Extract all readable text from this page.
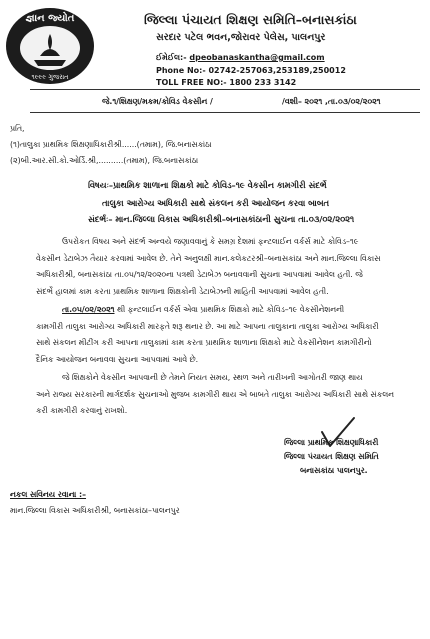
જ્ઞાન જ્યોત
૧૯૯૯ ગુજરાત
જિલ્લા પંચાયત શિક્ષણ સમિતિ–બનાસકાંઠા
સરદાર પટેલ ભવન,જોરાવર પેલેસ, પાલનપુર
ઈમેઈલ:- dpeobanaskantha@gmail.com
Phone No:- 02742-257063,253189,250012
TOLL FREE NO:- 1800 233 3142
જે.૧/શિક્ષણ/મકમ/કોવિડ વેકસીન /	/વશી– ૨૦૨૧ ,તા.૦૩/૦૨/૨૦૨૧
પ્રતિ,
(૧)તાલુકા પ્રાથમિક શિક્ષણાધિકારીશ્રી......(તમામ), જિ.બનાસકાંઠા
(૨)બી.આર.સી.કો.ઓર્ડિ.શ્રી,..........(તમામ), જિ.બનાસકાંઠા
વિષયઃ–પ્રાથમિક શાળાના શિક્ષકો માટે કોવિડ–૧૯ વેકસીન કામગીરી સંદર્ભે
તાલુકા આરોગ્ય અધિકારી સાથે સંકલન કરી આયોજન કરવા બાબત
સંદર્ભઃ– માન.જિલ્લા વિકાસ અધિકારીશ્રી–બનાસકાંઠાની સુચના તા.૦૩/૦૨/૨૦૨૧
ઉપરોકત વિષય અને સંદર્ભ અન્વયે જણાવવાનું કે સમગ્ર દેશમાં ફન્ટલાઈન વર્કર્સ માટે કોવિડ–૧૯
વેકસીન ડેટાબેઝ તૈયાર કરવામાં આવેલ છે. તેને અનુલક્ષી માન.કલેકટરશ્રી–બનાસકાંઠા અને માન.જિલ્લા વિકાસ
અધિકારીશ્રી, બનાસકાંઠા તા.૦૫/૧૨/૨૦૨૦ના પત્રથી ડેટાબેઝ બનાવવાની સુચના આપવામાં આવેલ હતી. જે
સંદર્ભે હાલમાં કામ કરતા પ્રાથમિક શાળાના શિક્ષકોની ડેટાબેઝની માહિતી આપવામાં આવેલ હતી.
તા.૦૫/૦૨/૨૦૨૧ થી ફન્ટલાઈન વર્કર્સ એવા પ્રાથમિક શિક્ષકો માટે કોવિડ–૧૯ વેકસીનેશનની
કામગીરી તાલુકા આરોગ્ય અધિકારી મારફતે શરૂ થનાર છે. આ માટે આપના તાલુકાના તાલુકા આરોગ્ય અધિકારી
સાથે સંકલન મીટીંગ કરી આપના તાલુકામાં કામ કરતા પ્રાથમિક શાળાના શિક્ષકો માટે વેકસીનેશન કામગીરીનો
દૈનિક આયોજન બનાવવા સુચના આપવામાં આવે છે.
જે શિક્ષકોને વેકસીન આપવાની છે તેમને નિયત સમય, સ્થળ અને તારીખની આગોતરી જાણ થાય
અને રાજ્ય સરકારની માર્ગદર્શક સુચનાઓ મુજબ કામગીરી થાય એ બાબતે તાલુકા આરોગ્ય અધિકારી સાથે સંકલન
કરી કામગીરી કરવાનું રાખશો.
જિલ્લા પ્રાથમિક શિક્ષણાધિકારી
જિલ્લા પંચાયત શિક્ષણ સમિતિ
બનાસકાંઠા પાલનપુર.
નકલ સવિનય રવાના :–
માન.જિલ્લા વિકાસ અધિકારીશ્રી, બનાસકાંઠા–પાલનપુર
